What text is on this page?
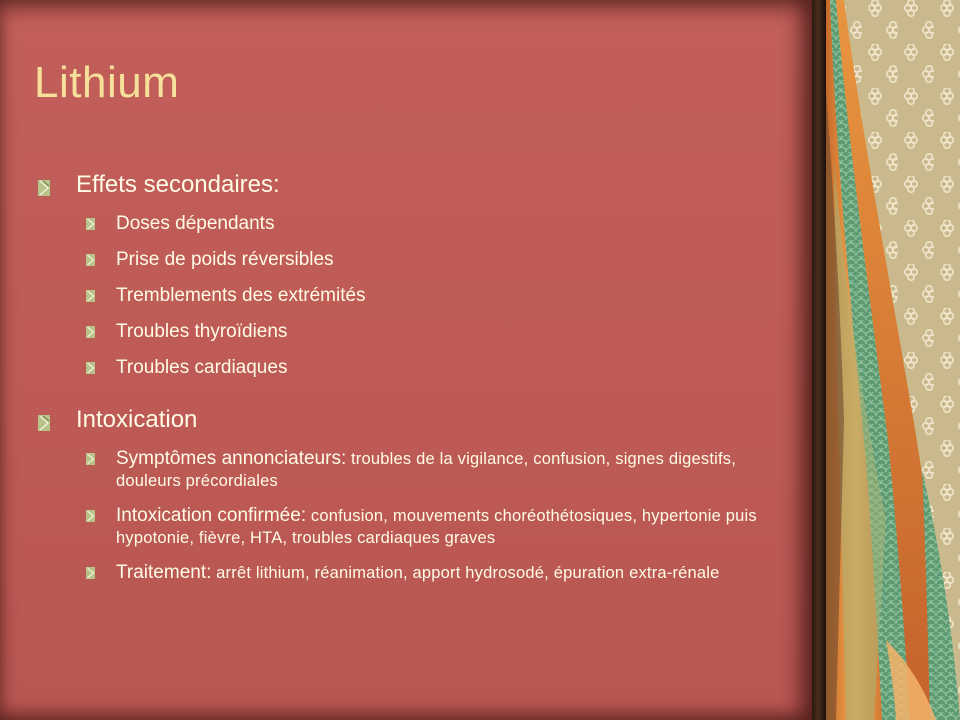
Lithium
Effets secondaires:
Doses dépendants
Prise de poids réversibles
Tremblements des extrémités
Troubles thyroïdiens
Troubles cardiaques
Intoxication
Symptômes annonciateurs: troubles de la vigilance, confusion, signes digestifs, douleurs précordiales
Intoxication confirmée: confusion, mouvements choréothétosiques, hypertonie puis hypotonie, fièvre, HTA, troubles cardiaques graves
Traitement: arrêt lithium, réanimation, apport hydrosodé, épuration extra-rénale
